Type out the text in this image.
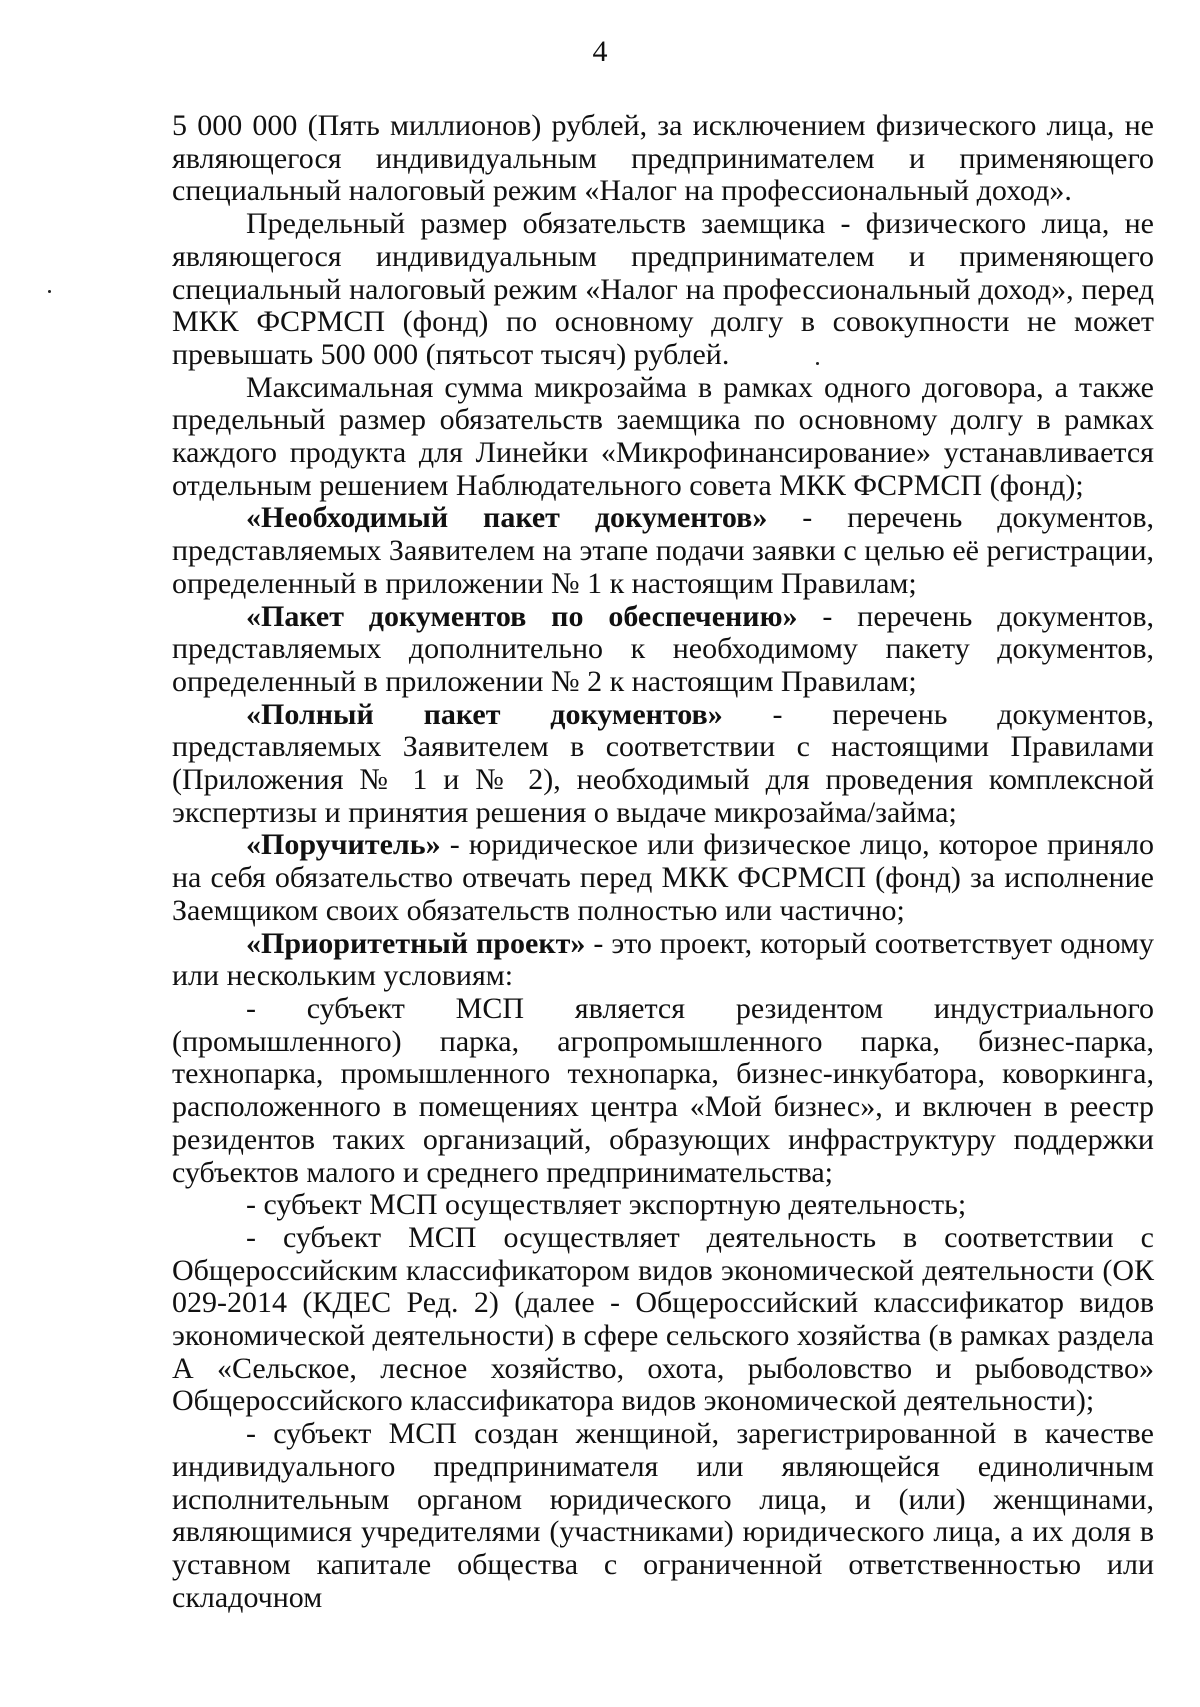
4

5 000 000 (Пять миллионов) рублей, за исключением физического лица, не являющегося индивидуальным предпринимателем и применяющего специальный налоговый режим «Налог на профессиональный доход».

Предельный размер обязательств заемщика - физического лица, не являющегося индивидуальным предпринимателем и применяющего специальный налоговый режим «Налог на профессиональный доход», перед МКК ФСРМСП (фонд) по основному долгу в совокупности не может превышать 500 000 (пятьсот тысяч) рублей.

Максимальная сумма микрозайма в рамках одного договора, а также предельный размер обязательств заемщика по основному долгу в рамках каждого продукта для Линейки «Микрофинансирование» устанавливается отдельным решением Наблюдательного совета МКК ФСРМСП (фонд);

«Необходимый пакет документов» - перечень документов, представляемых Заявителем на этапе подачи заявки с целью её регистрации, определенный в приложении № 1 к настоящим Правилам;

«Пакет документов по обеспечению» - перечень документов, представляемых дополнительно к необходимому пакету документов, определенный в приложении № 2 к настоящим Правилам;

«Полный пакет документов» - перечень документов, представляемых Заявителем в соответствии с настоящими Правилами (Приложения № 1 и № 2), необходимый для проведения комплексной экспертизы и принятия решения о выдаче микрозайма/займа;

«Поручитель» - юридическое или физическое лицо, которое приняло на себя обязательство отвечать перед МКК ФСРМСП (фонд) за исполнение Заемщиком своих обязательств полностью или частично;

«Приоритетный проект» - это проект, который соответствует одному или нескольким условиям:

- субъект МСП является резидентом индустриального (промышленного) парка, агропромышленного парка, бизнес-парка, технопарка, промышленного технопарка, бизнес-инкубатора, коворкинга, расположенного в помещениях центра «Мой бизнес», и включен в реестр резидентов таких организаций, образующих инфраструктуру поддержки субъектов малого и среднего предпринимательства;

- субъект МСП осуществляет экспортную деятельность;

- субъект МСП осуществляет деятельность в соответствии с Общероссийским классификатором видов экономической деятельности (ОК 029-2014 (КДЕС Ред. 2) (далее - Общероссийский классификатор видов экономической деятельности) в сфере сельского хозяйства (в рамках раздела А «Сельское, лесное хозяйство, охота, рыболовство и рыбоводство» Общероссийского классификатора видов экономической деятельности);

- субъект МСП создан женщиной, зарегистрированной в качестве индивидуального предпринимателя или являющейся единоличным исполнительным органом юридического лица, и (или) женщинами, являющимися учредителями (участниками) юридического лица, а их доля в уставном капитале общества с ограниченной ответственностью или складочном
